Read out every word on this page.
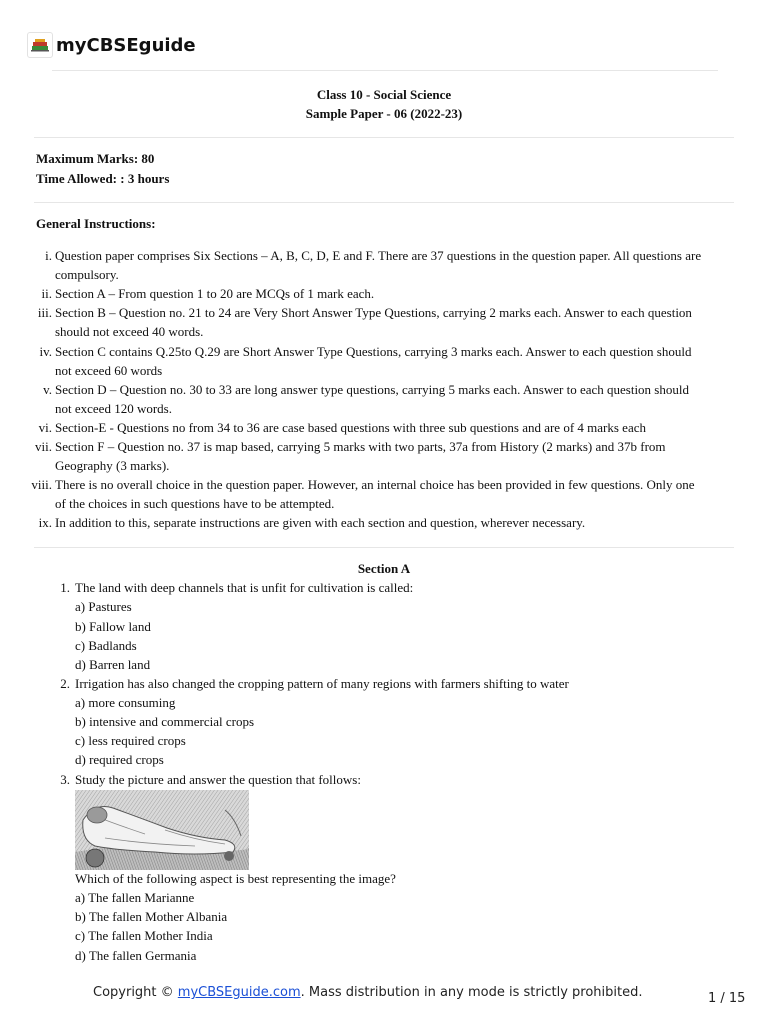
myCBSEguide
Class 10 - Social Science
Sample Paper - 06 (2022-23)
Maximum Marks: 80
Time Allowed: : 3 hours
General Instructions:
i. Question paper comprises Six Sections – A, B, C, D, E and F. There are 37 questions in the question paper. All questions are
compulsory.
ii. Section A – From question 1 to 20 are MCQs of 1 mark each.
iii. Section B – Question no. 21 to 24 are Very Short Answer Type Questions, carrying 2 marks each. Answer to each question
should not exceed 40 words.
iv. Section C contains Q.25to Q.29 are Short Answer Type Questions, carrying 3 marks each. Answer to each question should
not exceed 60 words
v. Section D – Question no. 30 to 33 are long answer type questions, carrying 5 marks each. Answer to each question should
not exceed 120 words.
vi. Section-E - Questions no from 34 to 36 are case based questions with three sub questions and are of 4 marks each
vii. Section F – Question no. 37 is map based, carrying 5 marks with two parts, 37a from History (2 marks) and 37b from
Geography (3 marks).
viii. There is no overall choice in the question paper. However, an internal choice has been provided in few questions. Only one
of the choices in such questions have to be attempted.
ix. In addition to this, separate instructions are given with each section and question, wherever necessary.
Section A
1. The land with deep channels that is unfit for cultivation is called:
a) Pastures
b) Fallow land
c) Badlands
d) Barren land
2. Irrigation has also changed the cropping pattern of many regions with farmers shifting to water
a) more consuming
b) intensive and commercial crops
c) less required crops
d) required crops
3. Study the picture and answer the question that follows:
Which of the following aspect is best representing the image?
a) The fallen Marianne
b) The fallen Mother Albania
c) The fallen Mother India
d) The fallen Germania
Copyright © myCBSEguide.com. Mass distribution in any mode is strictly prohibited.	1 / 15
